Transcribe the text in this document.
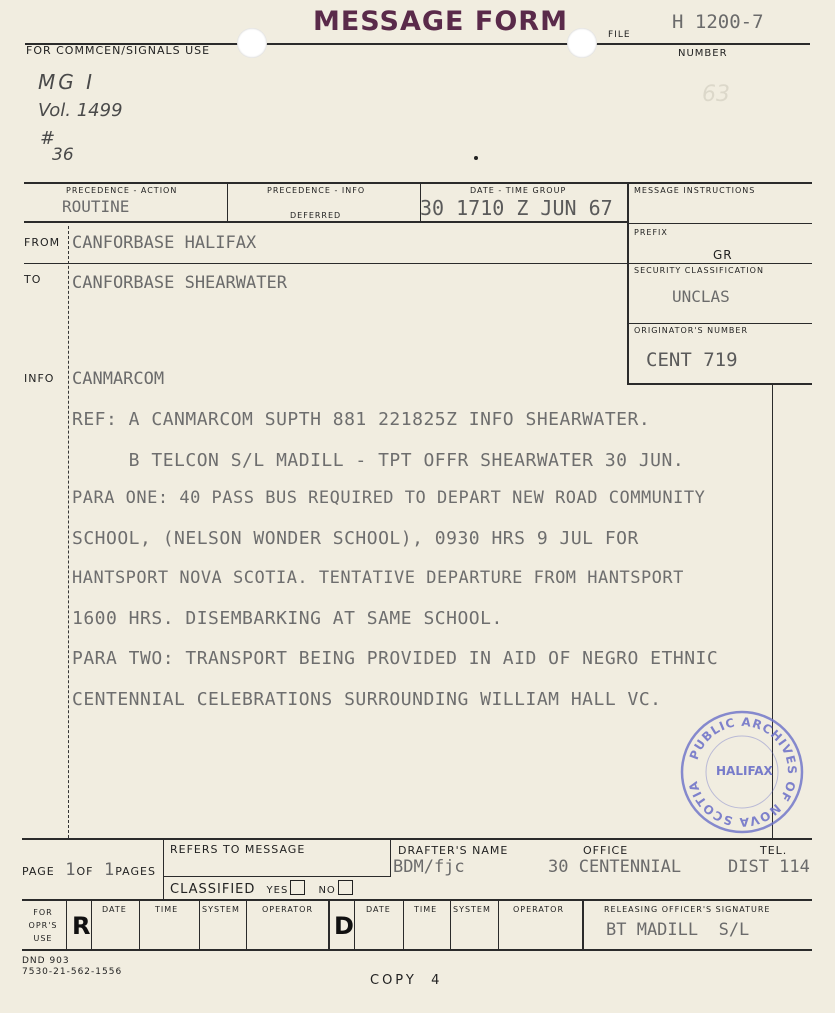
MESSAGE FORM
FOR COMMCEN/SIGNALS USE
FILE
NUMBER
H 1200-7
MG I
Vol. 1499
#
36
63
PRECEDENCE - ACTION
ROUTINE
PRECEDENCE - INFO
DEFERRED
DATE - TIME GROUP
30 1710 Z JUN 67
MESSAGE INSTRUCTIONS
PREFIX
GR
SECURITY CLASSIFICATION
UNCLAS
ORIGINATOR'S NUMBER
CENT 719
FROM CANFORBASE HALIFAX
TO CANFORBASE SHEARWATER
INFO CANMARCOM
REF: A CANMARCOM SUPTH 881 221825Z INFO SHEARWATER.
B TELCON S/L MADILL - TPT OFFR SHEARWATER 30 JUN.
PARA ONE: 40 PASS BUS REQUIRED TO DEPART NEW ROAD COMMUNITY
SCHOOL, (NELSON WONDER SCHOOL), 0930 HRS 9 JUL FOR
HANTSPORT NOVA SCOTIA. TENTATIVE DEPARTURE FROM HANTSPORT
1600 HRS. DISEMBARKING AT SAME SCHOOL.
PARA TWO: TRANSPORT BEING PROVIDED IN AID OF NEGRO ETHNIC
CENTENNIAL CELEBRATIONS SURROUNDING WILLIAM HALL VC.
PUBLIC ARCHIVES OF NOVA SCOTIA
HALIFAX
PAGE 1OF 1PAGES
REFERS TO MESSAGE
CLASSIFIED YES	NO
DRAFTER'S NAME
BDM/fjc
OFFICE
30 CENTENNIAL
TEL.
DIST 114
FOR
OPR'S
USE R
DATE	TIME	SYSTEM	OPERATOR
D
DATE	TIME SYSTEM	OPERATOR	RELEASING OFFICER'S SIGNATURE
BT MADILL  S/L
DND 903
7530-21-562-1556
COPY  4
